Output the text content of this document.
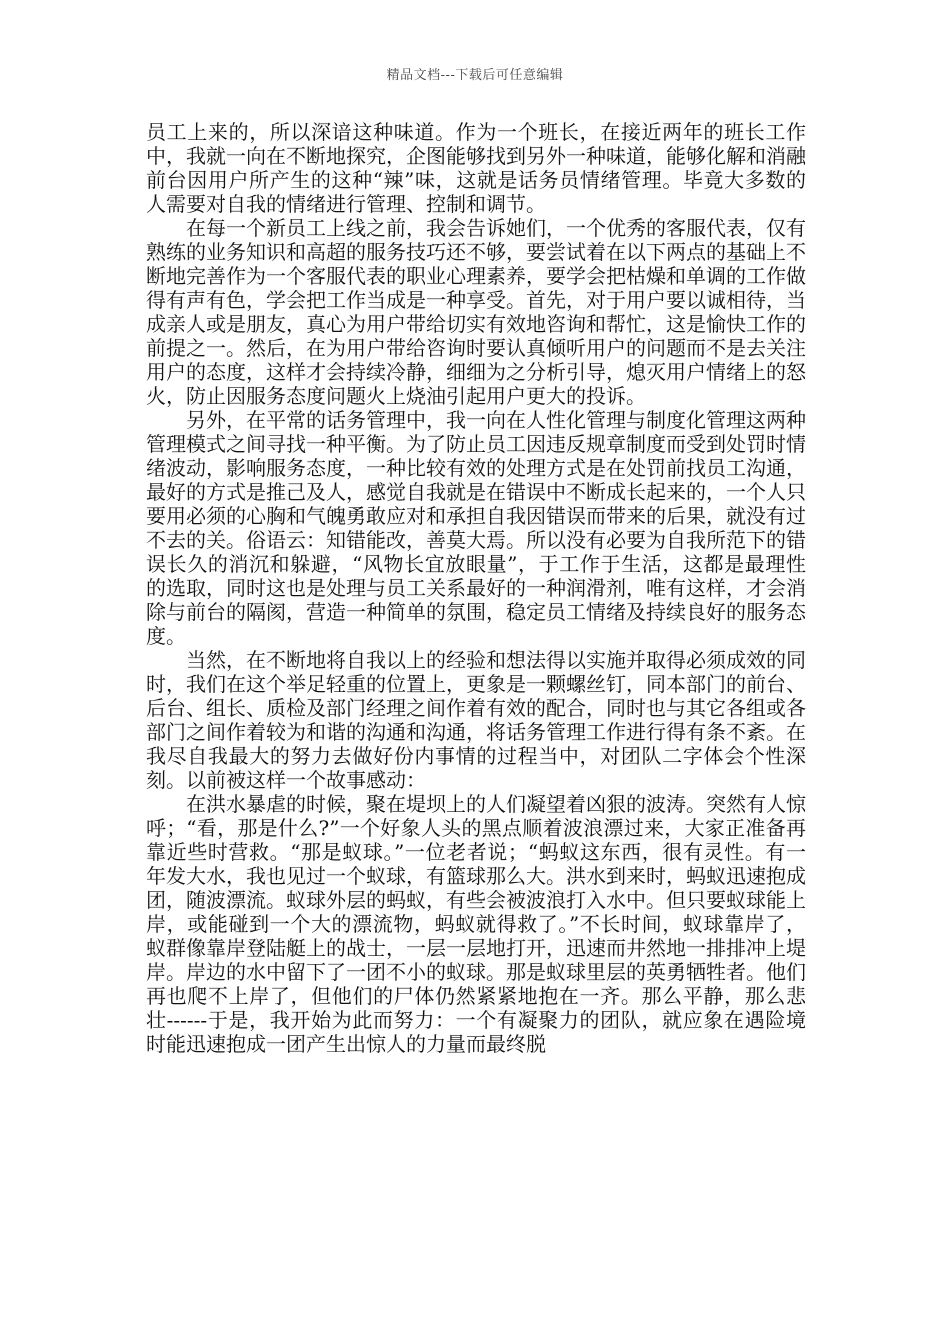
精品文档---下载后可任意编辑

员工上来的，所以深谙这种味道。作为一个班长，在接近两年的班长工作中，我就一向在不断地探究，企图能够找到另外一种味道，能够化解和消融前台因用户所产生的这种“辣”味，这就是话务员情绪管理。毕竟大多数的人需要对自我的情绪进行管理、控制和调节。

在每一个新员工上线之前，我会告诉她们，一个优秀的客服代表，仅有熟练的业务知识和高超的服务技巧还不够，要尝试着在以下两点的基础上不断地完善作为一个客服代表的职业心理素养，要学会把枯燥和单调的工作做得有声有色，学会把工作当成是一种享受。首先，对于用户要以诚相待，当成亲人或是朋友，真心为用户带给切实有效地咨询和帮忙，这是愉快工作的前提之一。然后，在为用户带给咨询时要认真倾听用户的问题而不是去关注用户的态度，这样才会持续冷静，细细为之分析引导，熄灭用户情绪上的怒火，防止因服务态度问题火上烧油引起用户更大的投诉。

另外，在平常的话务管理中，我一向在人性化管理与制度化管理这两种管理模式之间寻找一种平衡。为了防止员工因违反规章制度而受到处罚时情绪波动，影响服务态度，一种比较有效的处理方式是在处罚前找员工沟通，最好的方式是推己及人，感觉自我就是在错误中不断成长起来的，一个人只要用必须的心胸和气魄勇敢应对和承担自我因错误而带来的后果，就没有过不去的关。俗语云：知错能改，善莫大焉。所以没有必要为自我所范下的错误长久的消沉和躲避，“风物长宜放眼量”，于工作于生活，这都是最理性的选取，同时这也是处理与员工关系最好的一种润滑剂，唯有这样，才会消除与前台的隔阂，营造一种简单的氛围，稳定员工情绪及持续良好的服务态度。

当然，在不断地将自我以上的经验和想法得以实施并取得必须成效的同时，我们在这个举足轻重的位置上，更象是一颗螺丝钉，同本部门的前台、后台、组长、质检及部门经理之间作着有效的配合，同时也与其它各组或各部门之间作着较为和谐的沟通和沟通，将话务管理工作进行得有条不紊。在我尽自我最大的努力去做好份内事情的过程当中，对团队二字体会个性深刻。以前被这样一个故事感动：

在洪水暴虐的时候，聚在堤坝上的人们凝望着凶狠的波涛。突然有人惊呼；“看，那是什么?”一个好象人头的黑点顺着波浪漂过来，大家正准备再靠近些时营救。“那是蚁球。”一位老者说；“蚂蚁这东西，很有灵性。有一年发大水，我也见过一个蚁球，有篮球那么大。洪水到来时，蚂蚁迅速抱成团，随波漂流。蚁球外层的蚂蚁，有些会被波浪打入水中。但只要蚁球能上岸，或能碰到一个大的漂流物，蚂蚁就得救了。”不长时间，蚁球靠岸了，蚁群像靠岸登陆艇上的战士，一层一层地打开，迅速而井然地一排排冲上堤岸。岸边的水中留下了一团不小的蚁球。那是蚁球里层的英勇牺牲者。他们再也爬不上岸了，但他们的尸体仍然紧紧地抱在一齐。那么平静，那么悲壮------于是，我开始为此而努力：一个有凝聚力的团队，就应象在遇险境时能迅速抱成一团产生出惊人的力量而最终脱
